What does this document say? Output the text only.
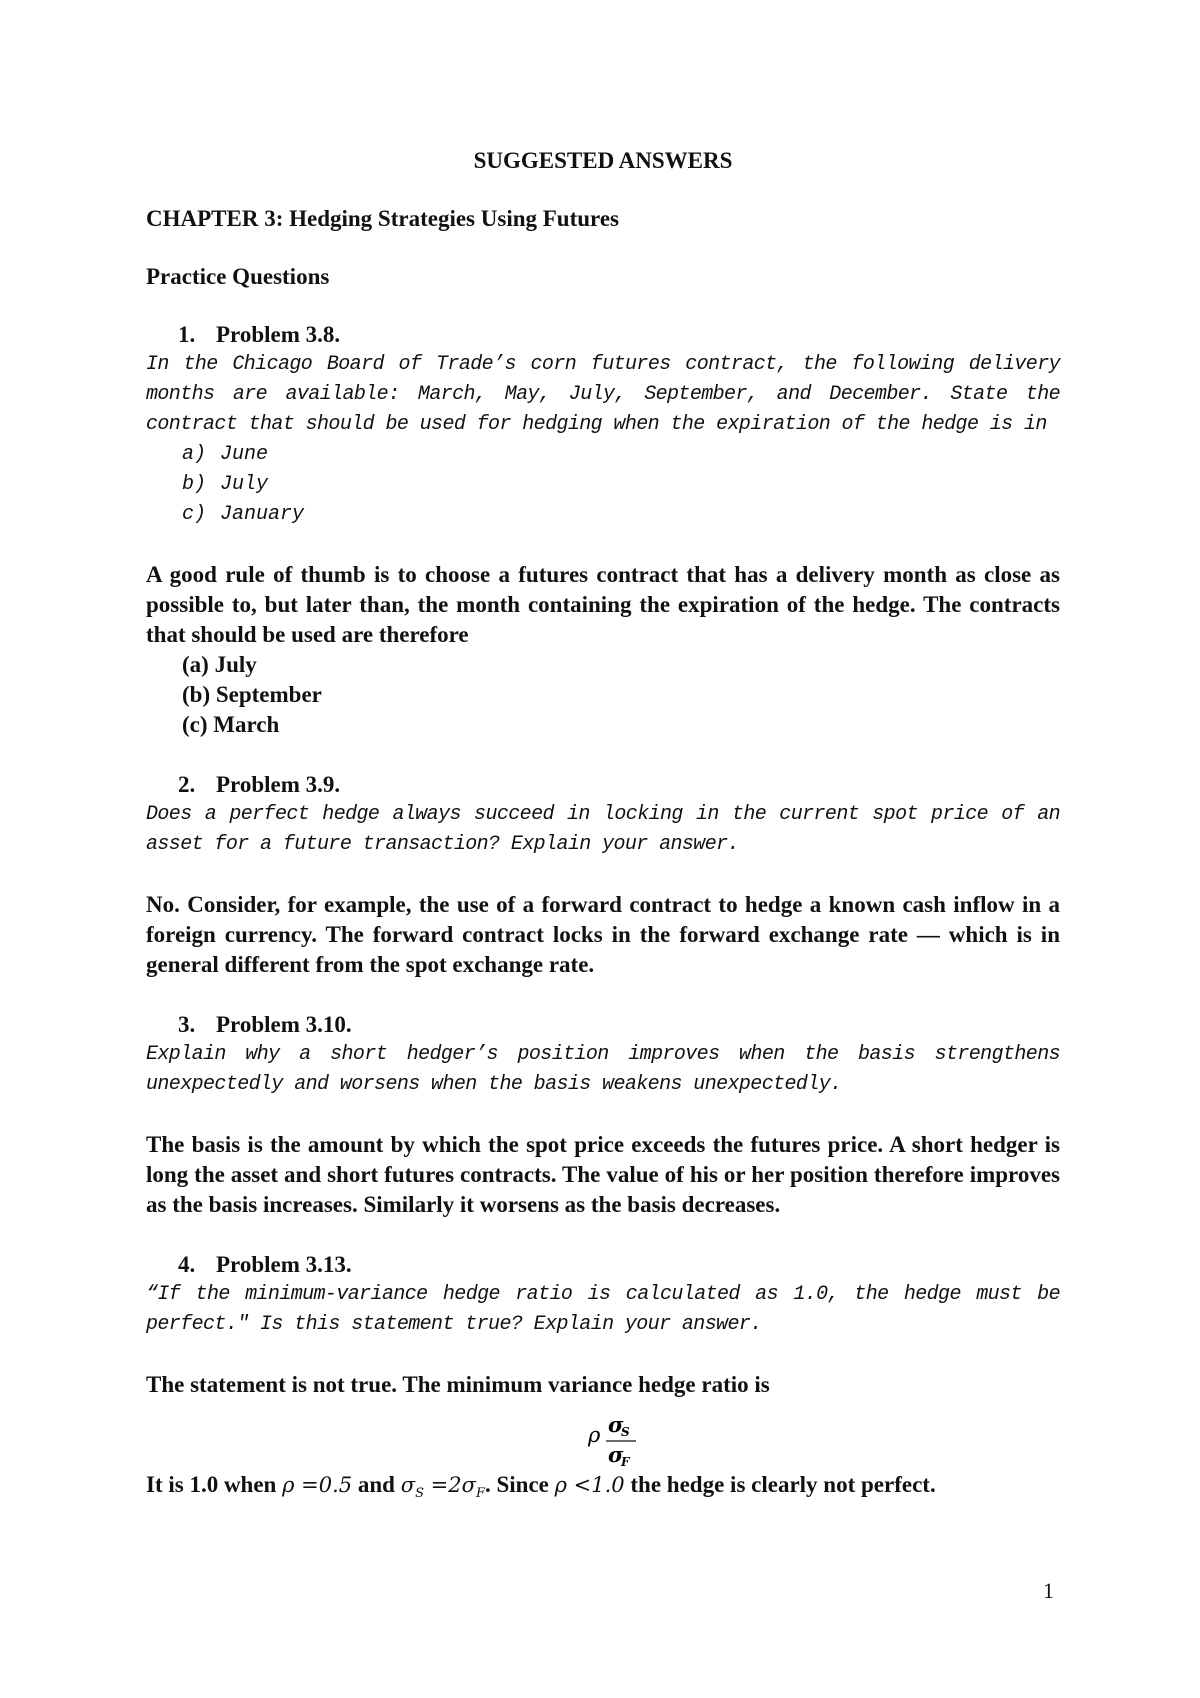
SUGGESTED ANSWERS
CHAPTER 3: Hedging Strategies Using Futures
Practice Questions
1. Problem 3.8.

In the Chicago Board of Trade’s corn futures contract, the following delivery months are available: March, May, July, September, and December. State the contract that should be used for hedging when the expiration of the hedge is in

a) June
b) July
c) January

A good rule of thumb is to choose a futures contract that has a delivery month as close as possible to, but later than, the month containing the expiration of the hedge. The contracts that should be used are therefore

(a) July
(b) September
(c) March
2. Problem 3.9.

Does a perfect hedge always succeed in locking in the current spot price of an asset for a future transaction? Explain your answer.

No. Consider, for example, the use of a forward contract to hedge a known cash inflow in a foreign currency. The forward contract locks in the forward exchange rate — which is in general different from the spot exchange rate.

3. Problem 3.10.

Explain why a short hedger’s position improves when the basis strengthens unexpectedly and worsens when the basis weakens unexpectedly.

The basis is the amount by which the spot price exceeds the futures price. A short hedger is long the asset and short futures contracts. The value of his or her position therefore improves as the basis increases. Similarly it worsens as the basis decreases.

4. Problem 3.13.

“If the minimum-variance hedge ratio is calculated as 1.0, the hedge must be perfect." Is this statement true? Explain your answer.

The statement is not true. The minimum variance hedge ratio is

ρ σ
S
σ
F

It is 1.0 when ρ =0.5 and $\sigma_S =2\sigma_F$. Since ρ <1.0 the hedge is clearly not perfect.

1
